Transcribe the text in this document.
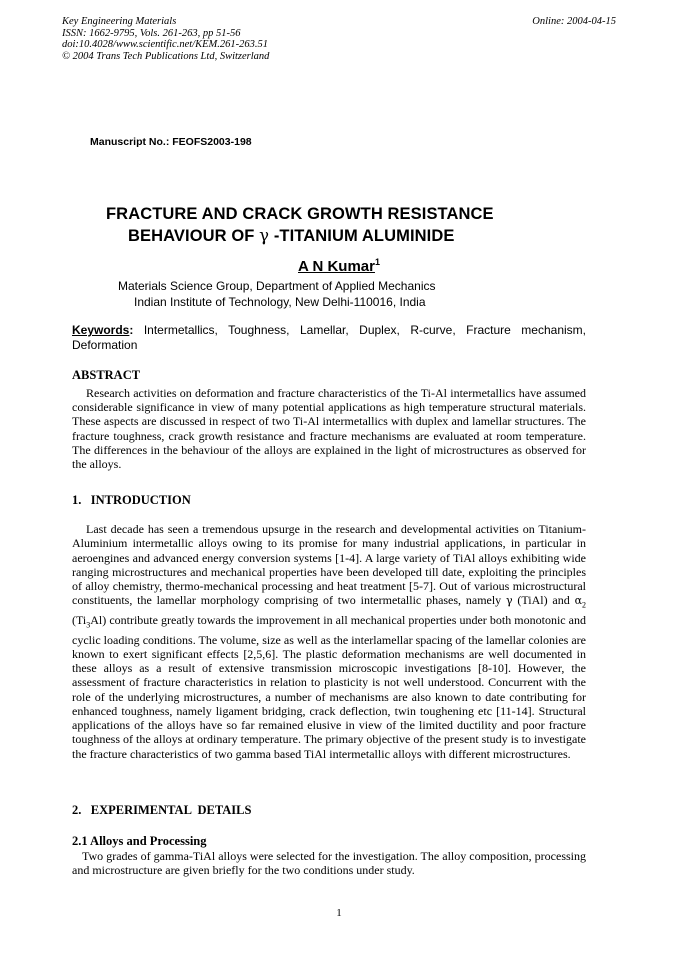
Key Engineering Materials
ISSN: 1662-9795, Vols. 261-263, pp 51-56
doi:10.4028/www.scientific.net/KEM.261-263.51
© 2004 Trans Tech Publications Ltd, Switzerland
Online: 2004-04-15
Manuscript No.: FEOFS2003-198
FRACTURE AND CRACK GROWTH RESISTANCE
BEHAVIOUR OF γ -TITANIUM ALUMINIDE
A N Kumar$^1$
Materials Science Group, Department of Applied Mechanics
Indian Institute of Technology, New Delhi-110016, India
Keywords: Intermetallics, Toughness, Lamellar, Duplex, R-curve, Fracture mechanism, Deformation
ABSTRACT
Research activities on deformation and fracture characteristics of the Ti-Al intermetallics have assumed considerable significance in view of many potential applications as high temperature structural materials. These aspects are discussed in respect of two Ti-Al intermetallics with duplex and lamellar structures. The fracture toughness, crack growth resistance and fracture mechanisms are evaluated at room temperature. The differences in the behaviour of the alloys are explained in the light of microstructures as observed for the alloys.
1.   INTRODUCTION
Last decade has seen a tremendous upsurge in the research and developmental activities on Titanium-Aluminium intermetallic alloys owing to its promise for many industrial applications, in particular in aeroengines and advanced energy conversion systems [1-4]. A large variety of TiAl alloys exhibiting wide ranging microstructures and mechanical properties have been developed till date, exploiting the principles of alloy chemistry, thermo-mechanical processing and heat treatment [5-7]. Out of various microstructural constituents, the lamellar morphology comprising of two intermetallic phases, namely γ (TiAl) and $\alpha_2$ $(Ti_3Al)$ contribute greatly towards the improvement in all mechanical properties under both monotonic and cyclic loading conditions. The volume, size as well as the interlamellar spacing of the lamellar colonies are known to exert significant effects [2,5,6]. The plastic deformation mechanisms are well documented in these alloys as a result of extensive transmission microscopic investigations [8-10]. However, the assessment of fracture characteristics in relation to plasticity is not well understood. Concurrent with the role of the underlying microstructures, a number of mechanisms are also known to date contributing for enhanced toughness, namely ligament bridging, crack deflection, twin toughening etc [11-14]. Structural applications of the alloys have so far remained elusive in view of the limited ductility and poor fracture toughness of the alloys at ordinary temperature. The primary objective of the present study is to investigate the fracture characteristics of two gamma based TiAl intermetallic alloys with different microstructures.
2.   EXPERIMENTAL  DETAILS
2.1 Alloys and Processing
Two grades of gamma-TiAl alloys were selected for the investigation. The alloy composition, processing and microstructure are given briefly for the two conditions under study.
1
